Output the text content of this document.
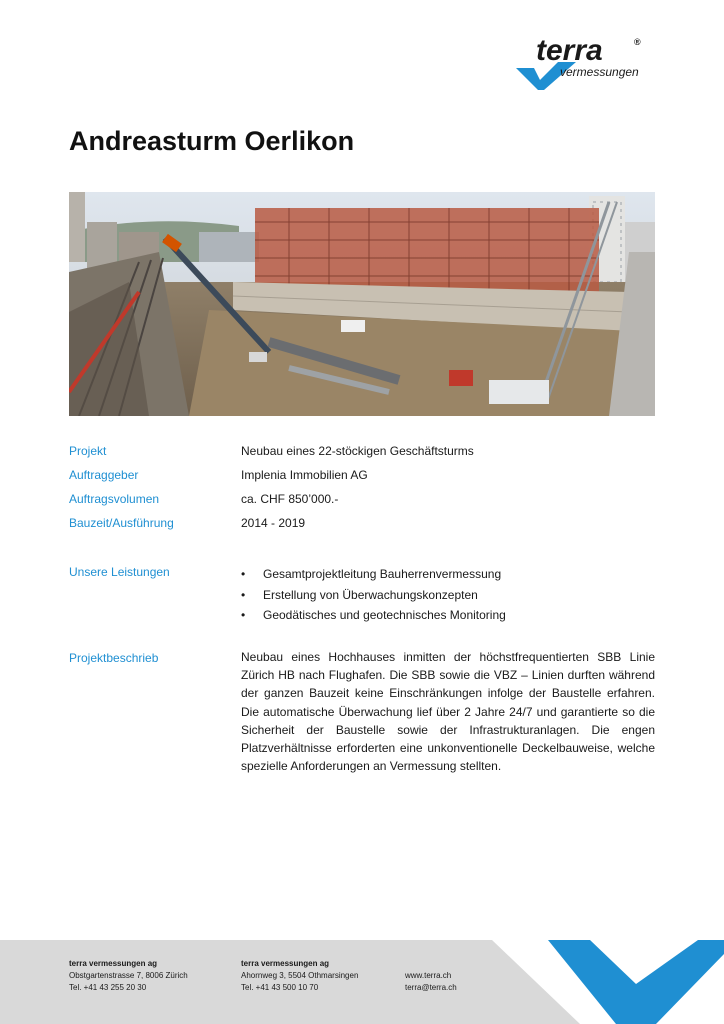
terra	®
vermessungen
Andreasturm Oerlikon
Projekt	Neubau eines 22-stöckigen Geschäftsturms
Auftraggeber	Implenia Immobilien AG
Auftragsvolumen	ca. CHF 850’000.-
Bauzeit/Ausführung	2014 - 2019
Unsere Leistungen
•	Gesamtprojektleitung Bauherrenvermessung
• Erstellung von Überwachungskonzepten
• Geodätisches und geotechnisches Monitoring
Projektbeschrieb	Neubau eines Hochhauses inmitten der höchstfrequentierten SBB Linie Zürich HB nach Flughafen. Die SBB sowie die VBZ – Linien durften während der ganzen Bauzeit keine Einschränkungen infolge der Baustelle erfahren. Die automatische Überwachung lief über 2 Jahre 24/7 und garantierte so die Sicherheit der Baustelle sowie der Infrastrukturanlagen. Die engen Platzverhältnisse erforderten eine unkonventionelle Deckelbauweise, welche spezielle Anforderungen an Vermessung stellten.

terra vermessungen ag
Obstgartenstrasse 7, 8006 Zürich
Tel. +41 43 255 20 30
terra vermessungen ag
Ahornweg 3, 5504 Othmarsingen
Tel. +41 43 500 10 70
www.terra.ch
terra@terra.ch
